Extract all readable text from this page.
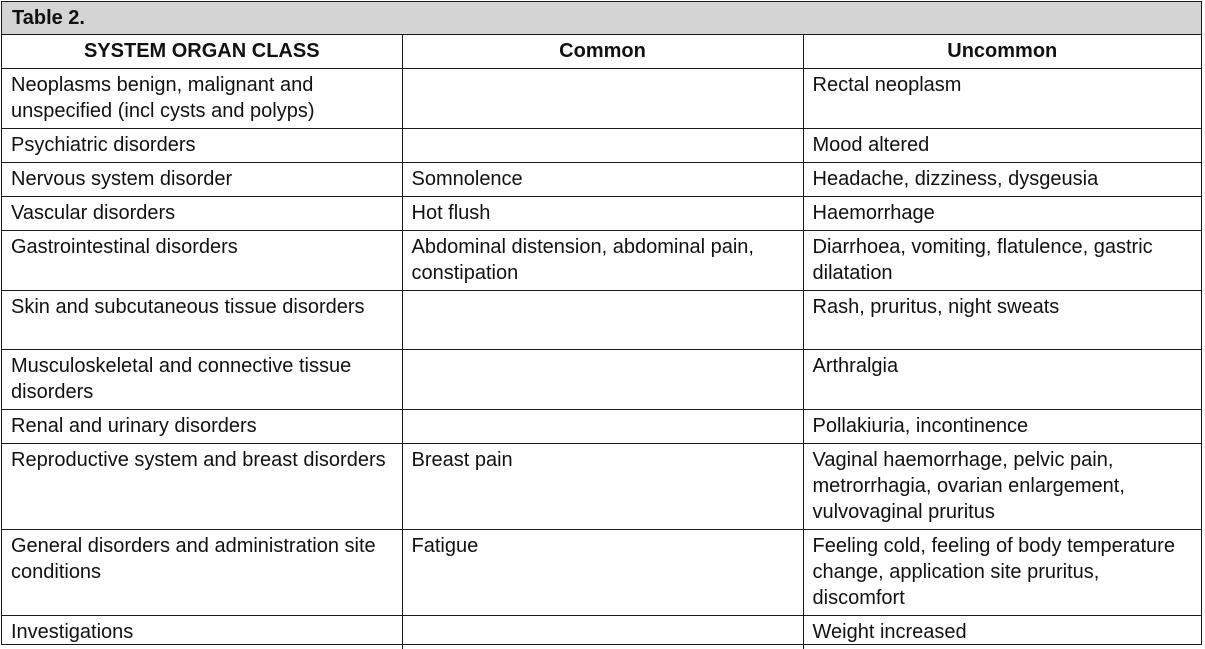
Table 2.
SYSTEM ORGAN CLASS	Common	Uncommon
Neoplasms benign, malignant and unspecified (incl cysts and polyps)		Rectal neoplasm
Psychiatric disorders		Mood altered
Nervous system disorder	Somnolence	Headache, dizziness, dysgeusia
Vascular disorders	Hot flush	Haemorrhage
Gastrointestinal disorders	Abdominal distension, abdominal pain, constipation	Diarrhoea, vomiting, flatulence, gastric dilatation
Skin and subcutaneous tissue disorders		Rash, pruritus, night sweats
Musculoskeletal and connective tissue disorders		Arthralgia
Renal and urinary disorders		Pollakiuria, incontinence
Reproductive system and breast disorders	Breast pain	Vaginal haemorrhage, pelvic pain, metrorrhagia, ovarian enlargement, vulvovaginal pruritus
General disorders and administration site conditions	Fatigue	Feeling cold, feeling of body temperature change, application site pruritus, discomfort
Investigations		Weight increased
